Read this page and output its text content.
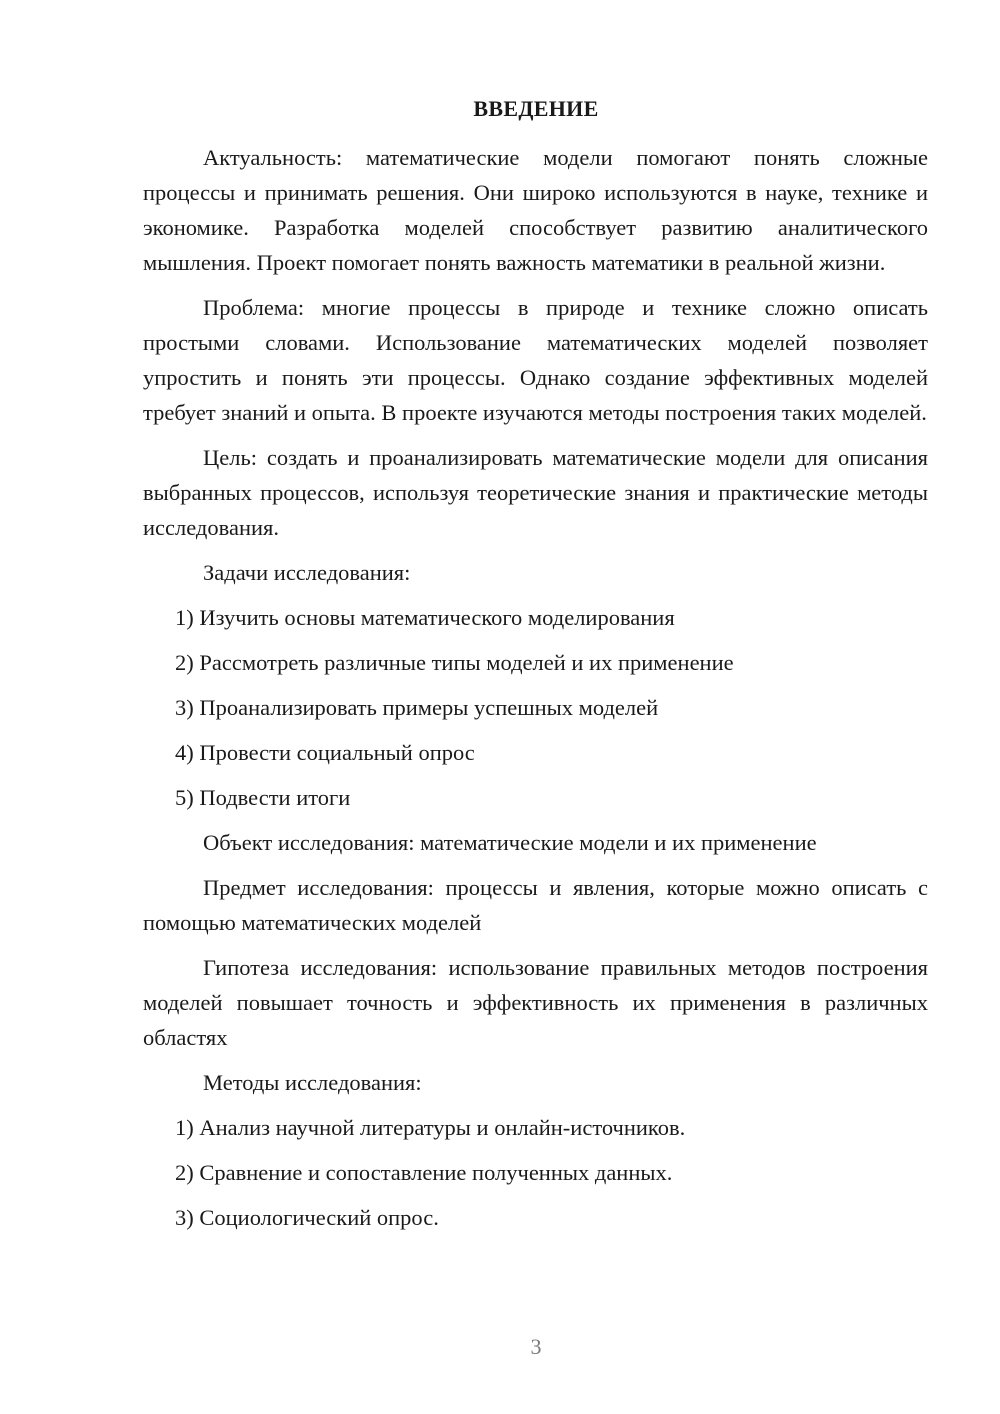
ВВЕДЕНИЕ

Актуальность: математические модели помогают понять сложные процессы и принимать решения. Они широко используются в науке, технике и экономике. Разработка моделей способствует развитию аналитического мышления. Проект помогает понять важность математики в реальной жизни.

Проблема: многие процессы в природе и технике сложно описать простыми словами. Использование математических моделей позволяет упростить и понять эти процессы. Однако создание эффективных моделей требует знаний и опыта. В проекте изучаются методы построения таких моделей.

Цель: создать и проанализировать математические модели для описания выбранных процессов, используя теоретические знания и практические методы исследования.

Задачи исследования:

1) Изучить основы математического моделирования

2) Рассмотреть различные типы моделей и их применение

3) Проанализировать примеры успешных моделей

4) Провести социальный опрос

5) Подвести итоги

Объект исследования: математические модели и их применение

Предмет исследования: процессы и явления, которые можно описать с помощью математических моделей

Гипотеза исследования: использование правильных методов построения моделей повышает точность и эффективность их применения в различных областях

Методы исследования:

1) Анализ научной литературы и онлайн-источников.

2) Сравнение и сопоставление полученных данных.

3) Социологический опрос.

3
